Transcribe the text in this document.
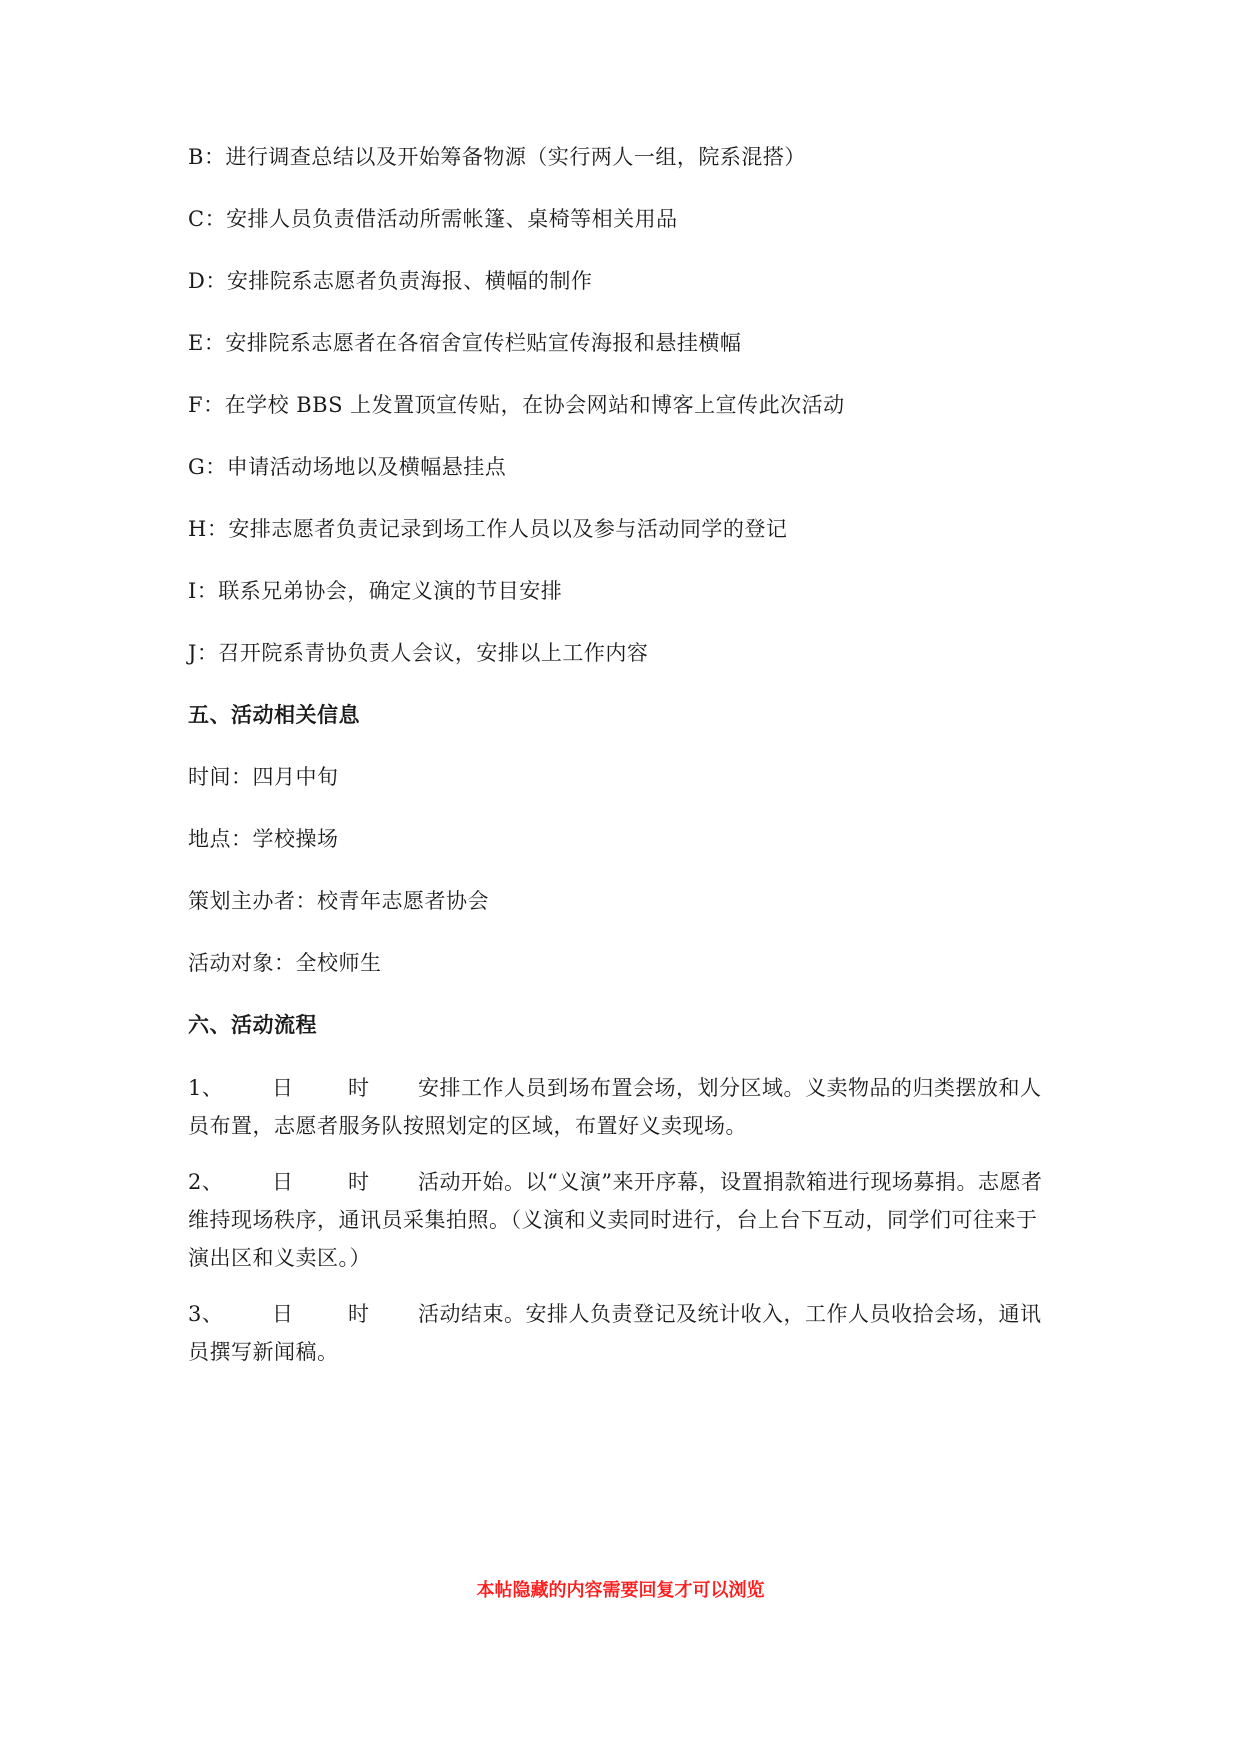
B：进行调查总结以及开始筹备物源（实行两人一组，院系混搭）
C：安排人员负责借活动所需帐篷、桌椅等相关用品
D：安排院系志愿者负责海报、横幅的制作
E：安排院系志愿者在各宿舍宣传栏贴宣传海报和悬挂横幅
F：在学校 BBS 上发置顶宣传贴，在协会网站和博客上宣传此次活动
G：申请活动场地以及横幅悬挂点
H：安排志愿者负责记录到场工作人员以及参与活动同学的登记
I：联系兄弟协会，确定义演的节目安排
J：召开院系青协负责人会议，安排以上工作内容
五、活动相关信息
时间：四月中旬
地点：学校操场
策划主办者：校青年志愿者协会
活动对象：全校师生
六、活动流程
1、 日	时 安排工作人员到场布置会场，划分区域。义卖物品的归类摆放和人员布置，志愿者服务队按照划定的区域，布置好义卖现场。
2、 日	时 活动开始。以“义演”来开序幕，设置捐款箱进行现场募捐。志愿者维持现场秩序，通讯员采集拍照。（义演和义卖同时进行，台上台下互动，同学们可往来于演出区和义卖区。）
3、 日	时 活动结束。安排人负责登记及统计收入，工作人员收拾会场，通讯员撰写新闻稿。
本帖隐藏的内容需要回复才可以浏览
